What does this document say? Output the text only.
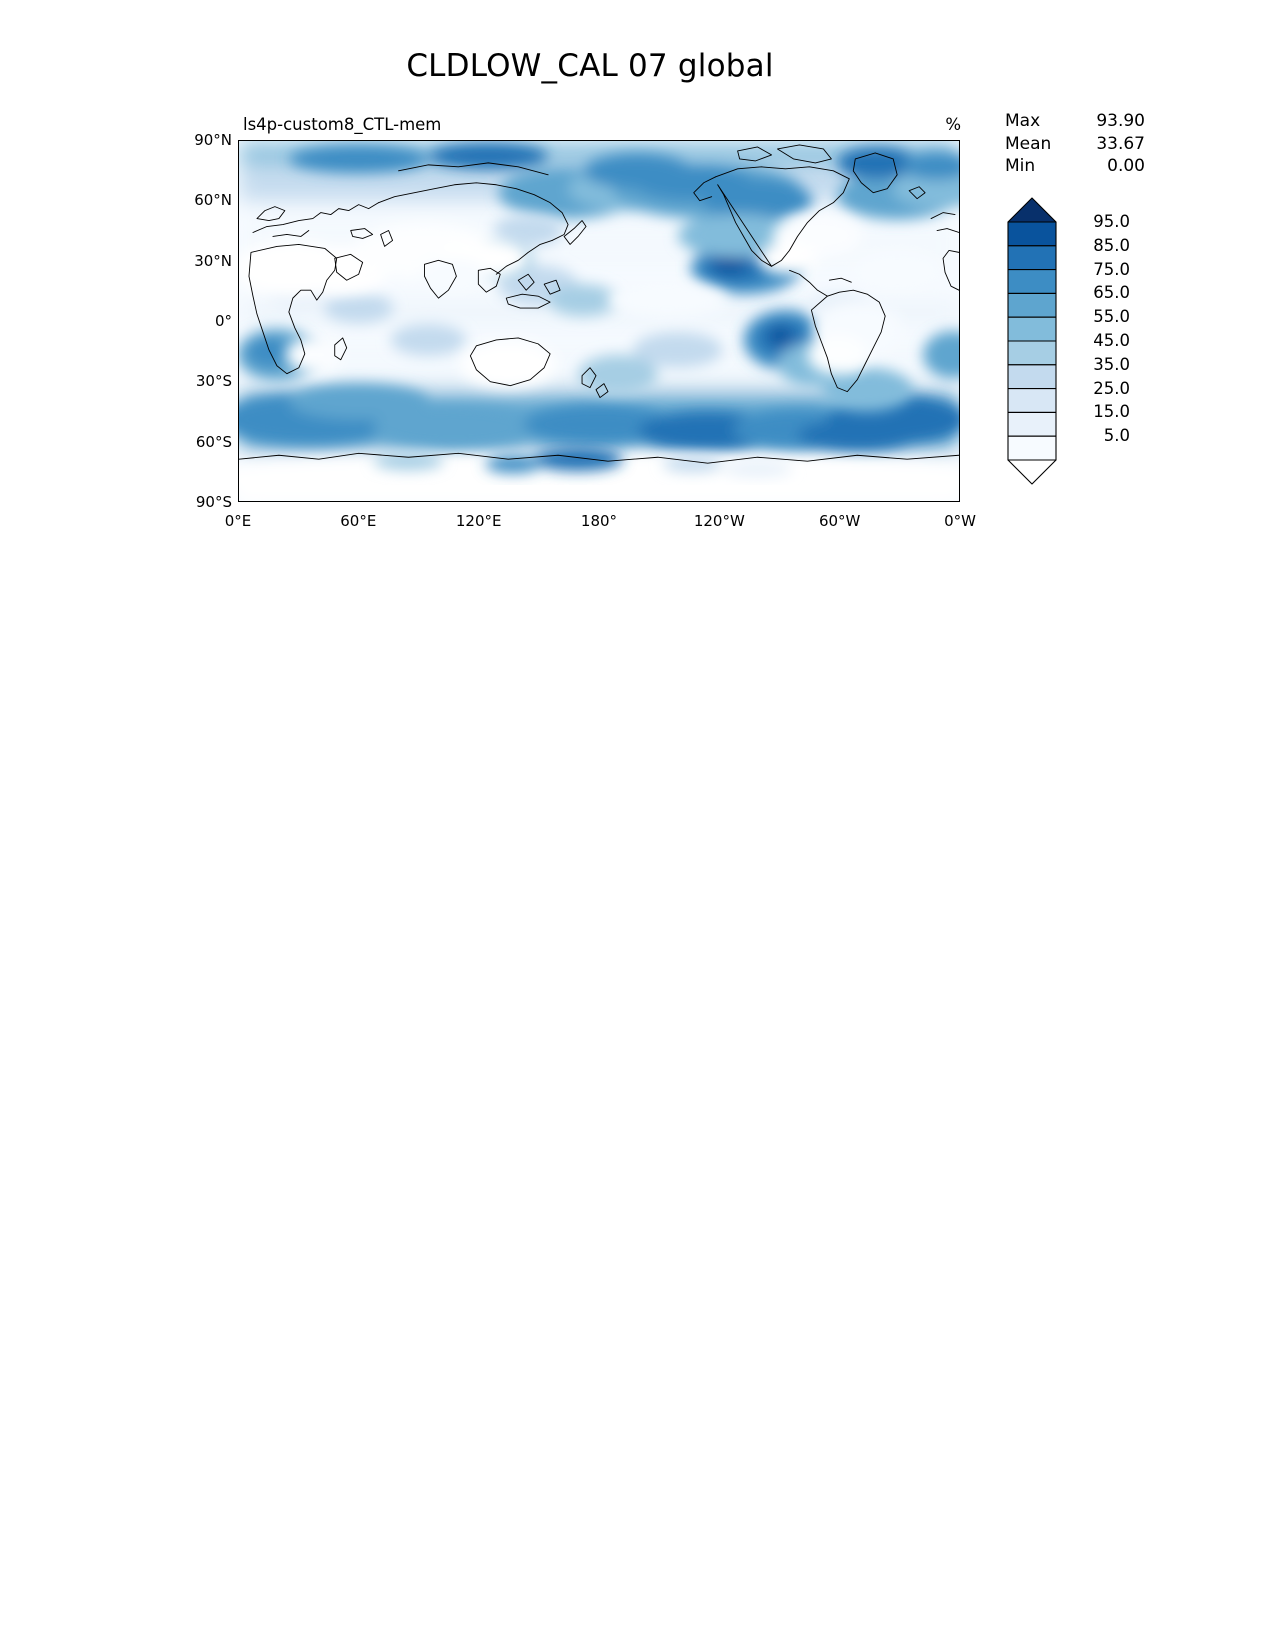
CLDLOW_CAL 07 global
ls4p-custom8_CTL-mem	%
90°N
60°N
30°N
0°
30°S
60°S
90°S
0°E	60°E	120°E	180°	120°W	60°W	0°W
Max	93.90
Mean	33.67
Min	0.00
95.0
85.0
75.0
65.0
55.0
45.0
35.0
25.0
15.0
5.0
